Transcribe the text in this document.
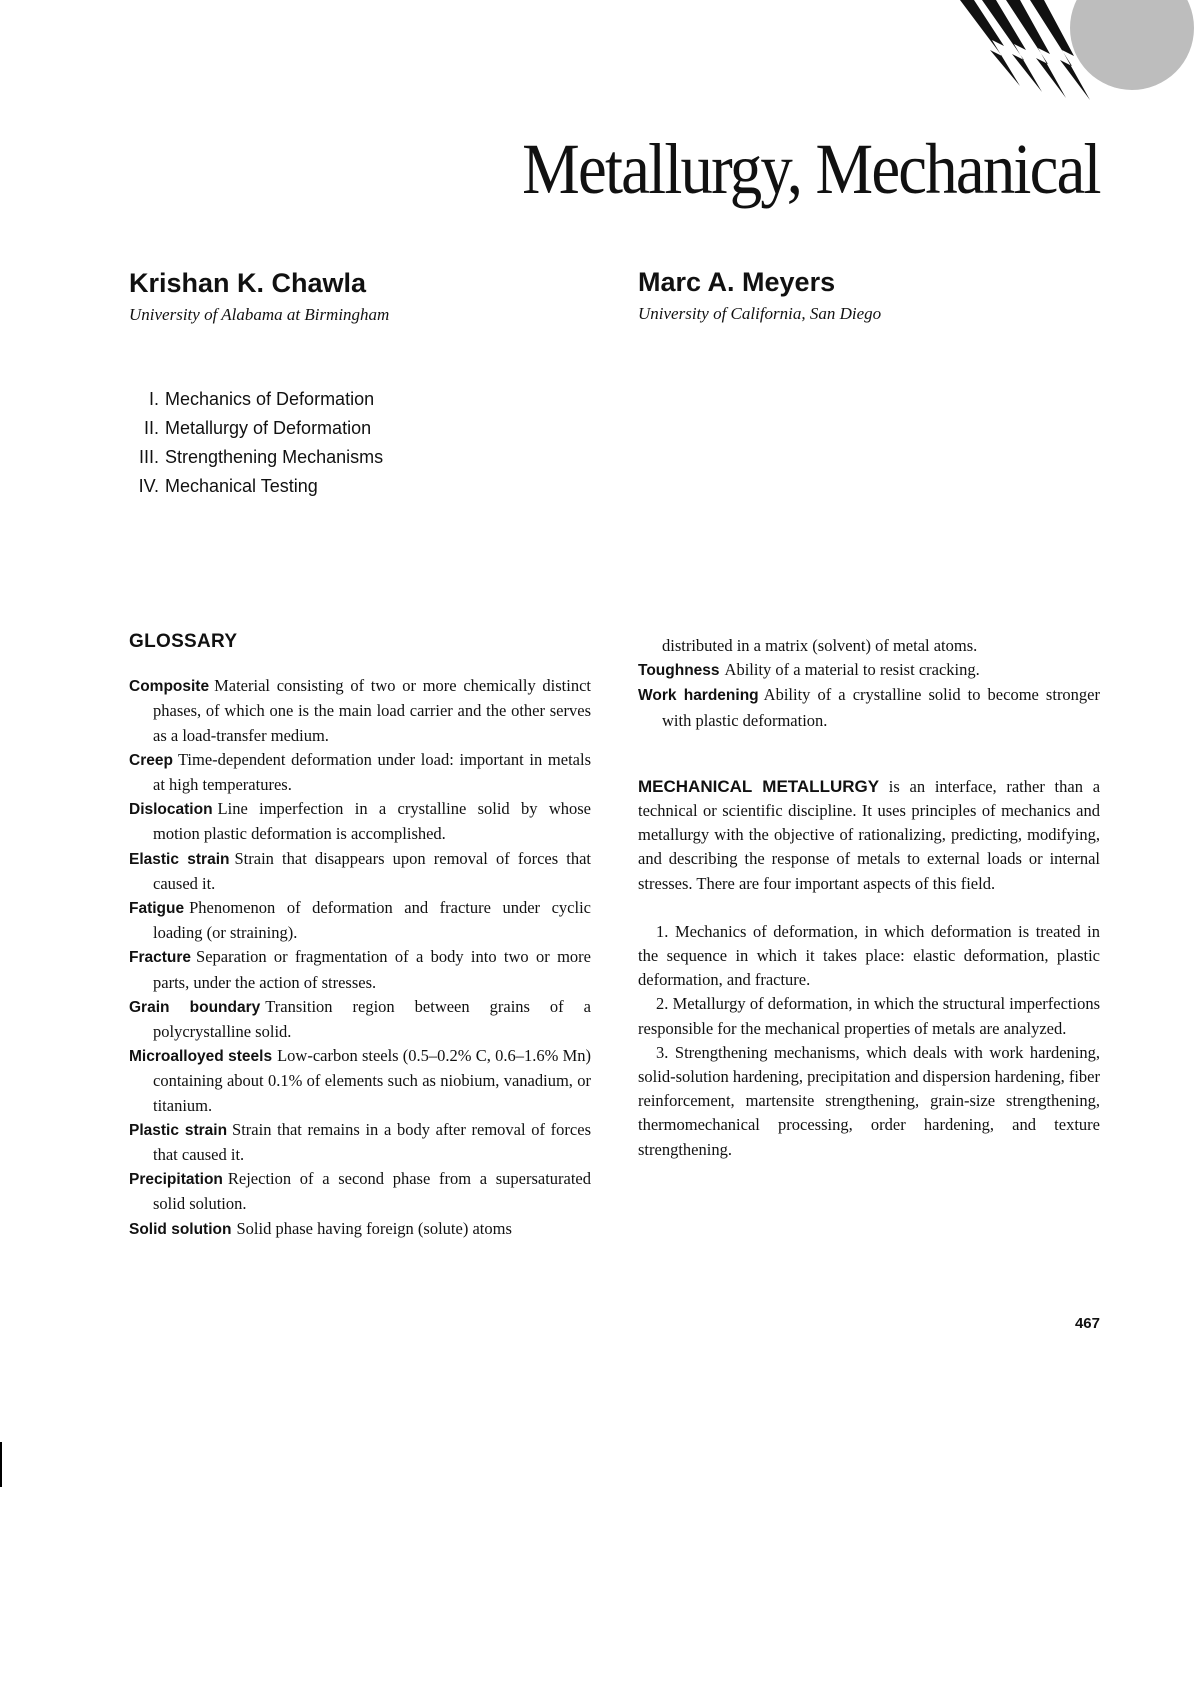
Metallurgy, Mechanical

Krishan K. Chawla

University of Alabama at Birmingham

Marc A. Meyers

University of California, San Diego

I. Mechanics of Deformation
II. Metallurgy of Deformation
III. Strengthening Mechanisms
IV. Mechanical Testing
GLOSSARY

Composite Material consisting of two or more chemically distinct phases, of which one is the main load carrier and the other serves as a load-transfer medium.

Creep Time-dependent deformation under load: important in metals at high temperatures.

Dislocation Line imperfection in a crystalline solid by whose motion plastic deformation is accomplished.

Elastic strain Strain that disappears upon removal of forces that caused it.

Fatigue Phenomenon of deformation and fracture under cyclic loading (or straining).

Fracture Separation or fragmentation of a body into two or more parts, under the action of stresses.

Grain boundary Transition region between grains of a polycrystalline solid.

Microalloyed steels Low-carbon steels (0.5–0.2% C, 0.6–1.6% Mn) containing about 0.1% of elements such as niobium, vanadium, or titanium.

Plastic strain Strain that remains in a body after removal of forces that caused it.

Precipitation Rejection of a second phase from a supersaturated solid solution.

Solid solution Solid phase having foreign (solute) atoms

distributed in a matrix (solvent) of metal atoms.

Toughness Ability of a material to resist cracking.

Work hardening Ability of a crystalline solid to become stronger with plastic deformation.

MECHANICAL METALLURGY is an interface, rather than a technical or scientific discipline. It uses principles of mechanics and metallurgy with the objective of rationalizing, predicting, modifying, and describing the response of metals to external loads or internal stresses. There are four important aspects of this field.

1. Mechanics of deformation, in which deformation is treated in the sequence in which it takes place: elastic deformation, plastic deformation, and fracture.

2. Metallurgy of deformation, in which the structural imperfections responsible for the mechanical properties of metals are analyzed.

3. Strengthening mechanisms, which deals with work hardening, solid-solution hardening, precipitation and dispersion hardening, fiber reinforcement, martensite strengthening, grain-size strengthening, thermomechanical processing, order hardening, and texture strengthening.

467
